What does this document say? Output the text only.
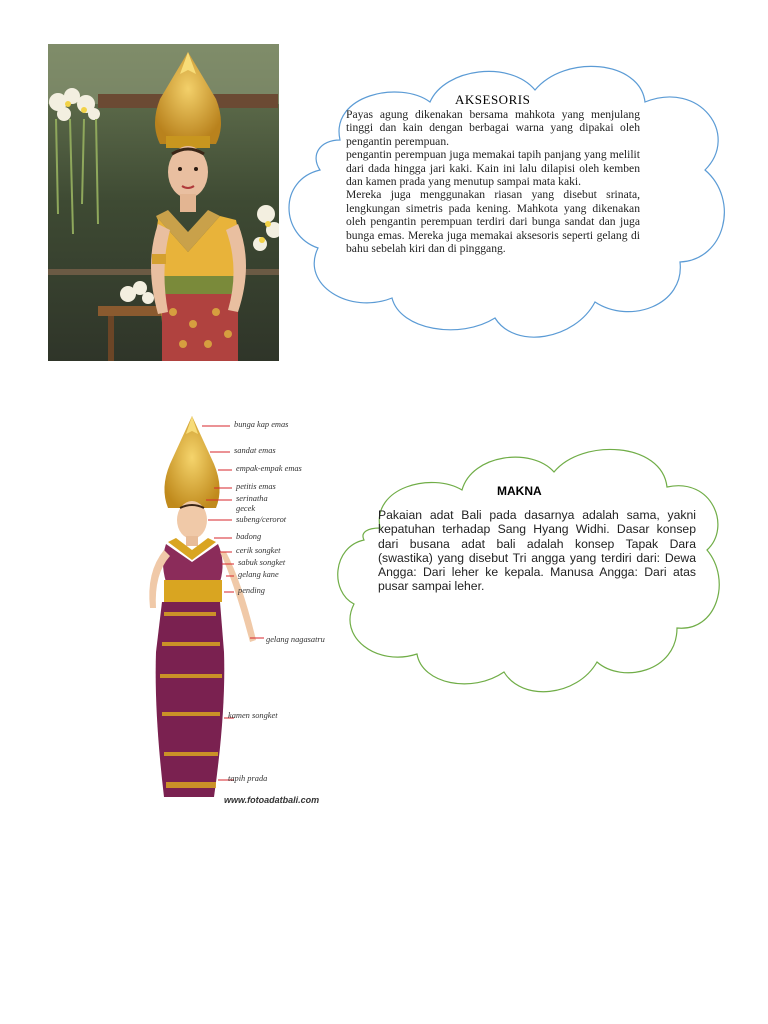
AKSESORIS

Payas agung dikenakan bersama mahkota yang menjulang tinggi dan kain dengan berbagai warna yang dipakai oleh pengantin perempuan.

pengantin perempuan juga memakai tapih panjang yang melilit dari dada hingga jari kaki. Kain ini lalu dilapisi oleh kemben dan kamen prada yang menutup sampai mata kaki.

Mereka juga menggunakan riasan yang disebut srinata, lengkungan simetris pada kening. Mahkota yang dikenakan oleh pengantin perempuan terdiri dari bunga sandat dan juga bunga emas. Mereka juga memakai aksesoris seperti gelang di bahu sebelah kiri dan di pinggang.

bunga kap emas
sandat emas
empak-empak emas
petitis emas
serinatha
gecek
subeng/cerorot
badong
cerik songket
sabuk songket
gelang kane
pending
gelang nagasatru
kamen songket
tapih prada
www.fotoadatbali.com
MAKNA
Pakaian adat Bali pada dasarnya adalah sama, yakni kepatuhan terhadap Sang Hyang Widhi. Dasar konsep dari busana adat bali adalah konsep Tapak Dara (swastika) yang disebut Tri angga yang terdiri dari: Dewa Angga: Dari leher ke kepala. Manusa Angga: Dari atas pusar sampai leher.
